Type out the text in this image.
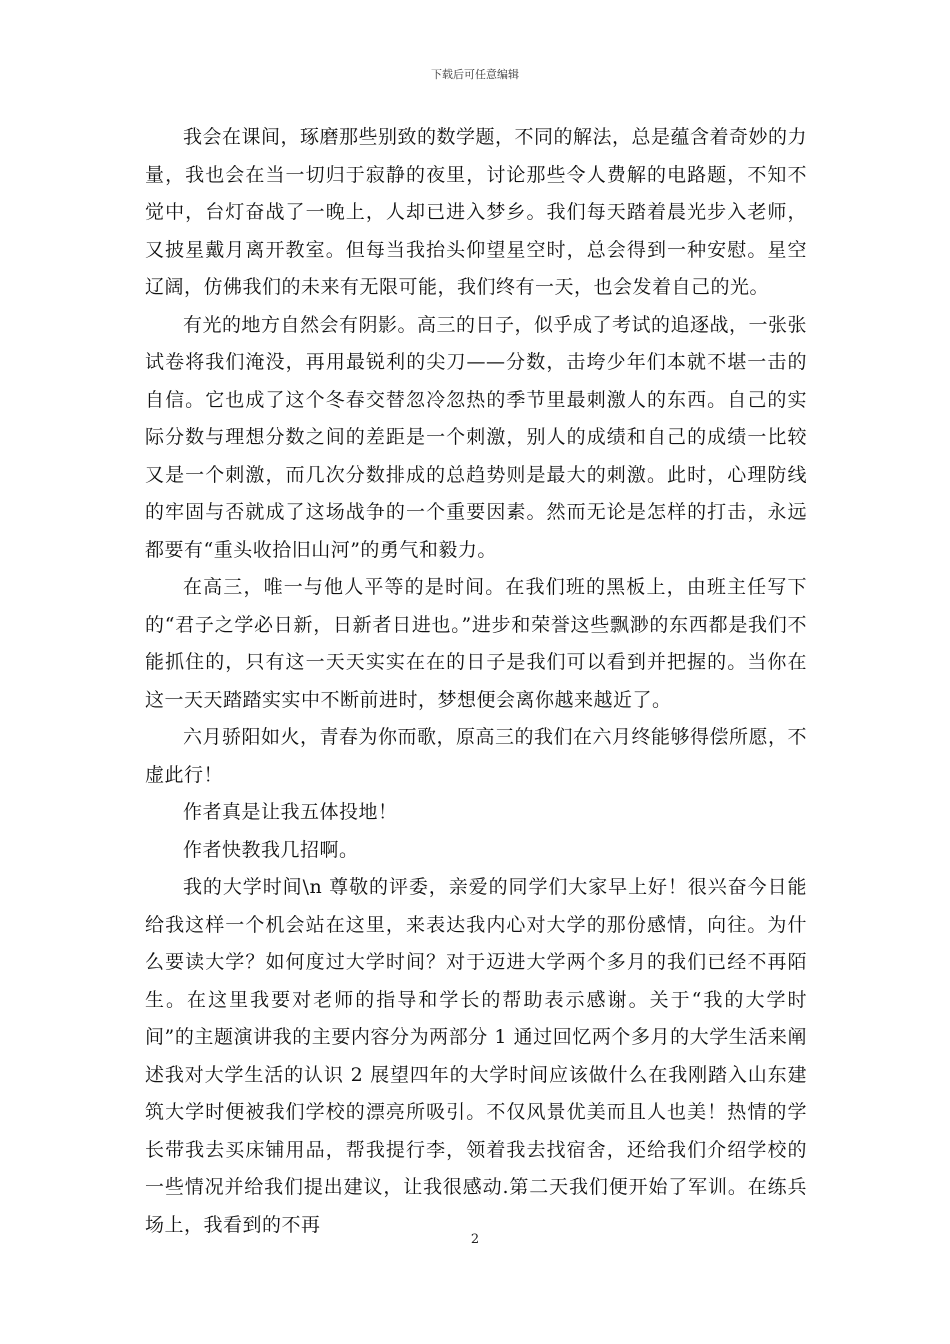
下载后可任意编辑

我会在课间，琢磨那些别致的数学题，不同的解法，总是蕴含着奇妙的力量，我也会在当一切归于寂静的夜里，讨论那些令人费解的电路题，不知不觉中，台灯奋战了一晚上，人却已进入梦乡。我们每天踏着晨光步入老师，又披星戴月离开教室。但每当我抬头仰望星空时，总会得到一种安慰。星空辽阔，仿佛我们的未来有无限可能，我们终有一天，也会发着自己的光。

有光的地方自然会有阴影。高三的日子，似乎成了考试的追逐战，一张张试卷将我们淹没，再用最锐利的尖刀——分数，击垮少年们本就不堪一击的自信。它也成了这个冬春交替忽冷忽热的季节里最刺激人的东西。自己的实际分数与理想分数之间的差距是一个刺激，别人的成绩和自己的成绩一比较又是一个刺激，而几次分数排成的总趋势则是最大的刺激。此时，心理防线的牢固与否就成了这场战争的一个重要因素。然而无论是怎样的打击，永远都要有“重头收拾旧山河”的勇气和毅力。

在高三，唯一与他人平等的是时间。在我们班的黑板上，由班主任写下的“君子之学必日新，日新者日进也。”进步和荣誉这些飘渺的东西都是我们不能抓住的，只有这一天天实实在在的日子是我们可以看到并把握的。当你在这一天天踏踏实实中不断前进时，梦想便会离你越来越近了。

六月骄阳如火，青春为你而歌，原高三的我们在六月终能够得偿所愿，不虚此行！

作者真是让我五体投地！

作者快教我几招啊。

我的大学时间\n 尊敬的评委，亲爱的同学们大家早上好！很兴奋今日能给我这样一个机会站在这里，来表达我内心对大学的那份感情，向往。为什么要读大学？如何度过大学时间？对于迈进大学两个多月的我们已经不再陌生。在这里我要对老师的指导和学长的帮助表示感谢。关于“我的大学时间”的主题演讲我的主要内容分为两部分 1 通过回忆两个多月的大学生活来阐述我对大学生活的认识 2 展望四年的大学时间应该做什么在我刚踏入山东建筑大学时便被我们学校的漂亮所吸引。不仅风景优美而且人也美！热情的学长带我去买床铺用品，帮我提行李，领着我去找宿舍，还给我们介绍学校的一些情况并给我们提出建议，让我很感动.第二天我们便开始了军训。在练兵场上，我看到的不再

2
